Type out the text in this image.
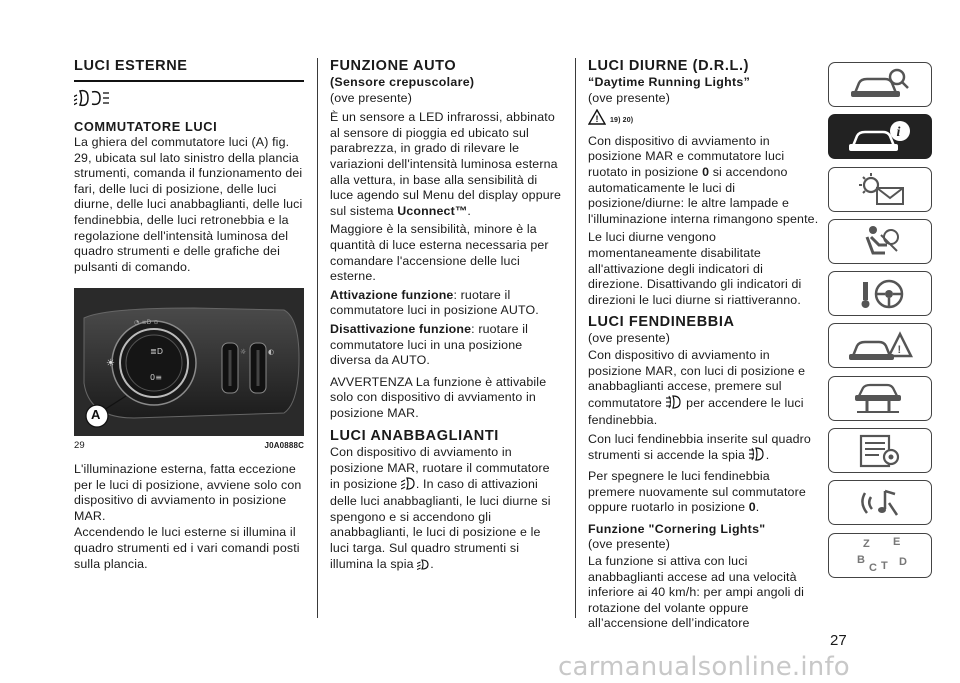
LUCI ESTERNE
COMMUTATORE LUCI

La ghiera del commutatore luci (A) fig. 29, ubicata sul lato sinistro della plancia strumenti, comanda il funzionamento dei fari, delle luci di posizione, delle luci diurne, delle luci anabbaglianti, delle luci fendinebbia, delle luci retronebbia e la regolazione dell'intensità luminosa del quadro strumenti e delle grafiche dei pulsanti di comando.

≣D
0≡
☀
◔ ≡D ⊙
☼	◐
A
29	J0A0888C

L'illuminazione esterna, fatta eccezione per le luci di posizione, avviene solo con dispositivo di avviamento in posizione MAR.

Accendendo le luci esterne si illumina il quadro strumenti ed i vari comandi posti sulla plancia.

FUNZIONE AUTO
(Sensore crepuscolare)

(ove presente)

È un sensore a LED infrarossi, abbinato al sensore di pioggia ed ubicato sul parabrezza, in grado di rilevare le variazioni dell'intensità luminosa esterna alla vettura, in base alla sensibilità di luce agendo sul Menu del display oppure sul sistema Uconnect™.

Maggiore è la sensibilità, minore è la quantità di luce esterna necessaria per comandare l'accensione delle luci esterne.

Attivazione funzione: ruotare il commutatore luci in posizione AUTO.

Disattivazione funzione: ruotare il commutatore luci in una posizione diversa da AUTO.

AVVERTENZA La funzione è attivabile solo con dispositivo di avviamento in posizione MAR.

LUCI ANABBAGLIANTI

Con dispositivo di avviamento in posizione MAR, ruotare il commutatore in posizione . In caso di attivazioni delle luci anabbaglianti, le luci diurne si spengono e si accendono gli anabbaglianti, le luci di posizione e le luci targa. Sul quadro strumenti si illumina la spia .

LUCI DIURNE (D.R.L.)
“Daytime Running Lights”

(ove presente)

! 19) 20)

Con dispositivo di avviamento in posizione MAR e commutatore luci ruotato in posizione 0 si accendono automaticamente le luci di posizione/diurne: le altre lampade e l'illuminazione interna rimangono spente.

Le luci diurne vengono momentaneamente disabilitate all'attivazione degli indicatori di direzione. Disattivando gli indicatori di direzioni le luci diurne si riattiveranno.

LUCI FENDINEBBIA

(ove presente)

Con dispositivo di avviamento in posizione MAR, con luci di posizione e anabbaglianti accese, premere sul commutatore  per accendere le luci fendinebbia.

Con luci fendinebbia inserite sul quadro strumenti si accende la spia .

Per spegnere le luci fendinebbia premere nuovamente sul commutatore oppure ruotarlo in posizione 0.

Funzione "Cornering Lights"

(ove presente)

La funzione si attiva con luci anabbaglianti accese ad una velocità inferiore ai 40 km/h: per ampi angoli di rotazione del volante oppure all’accensione dell’indicatore

i
!
Z E
B
C T D
27
carmanualsonline.info
